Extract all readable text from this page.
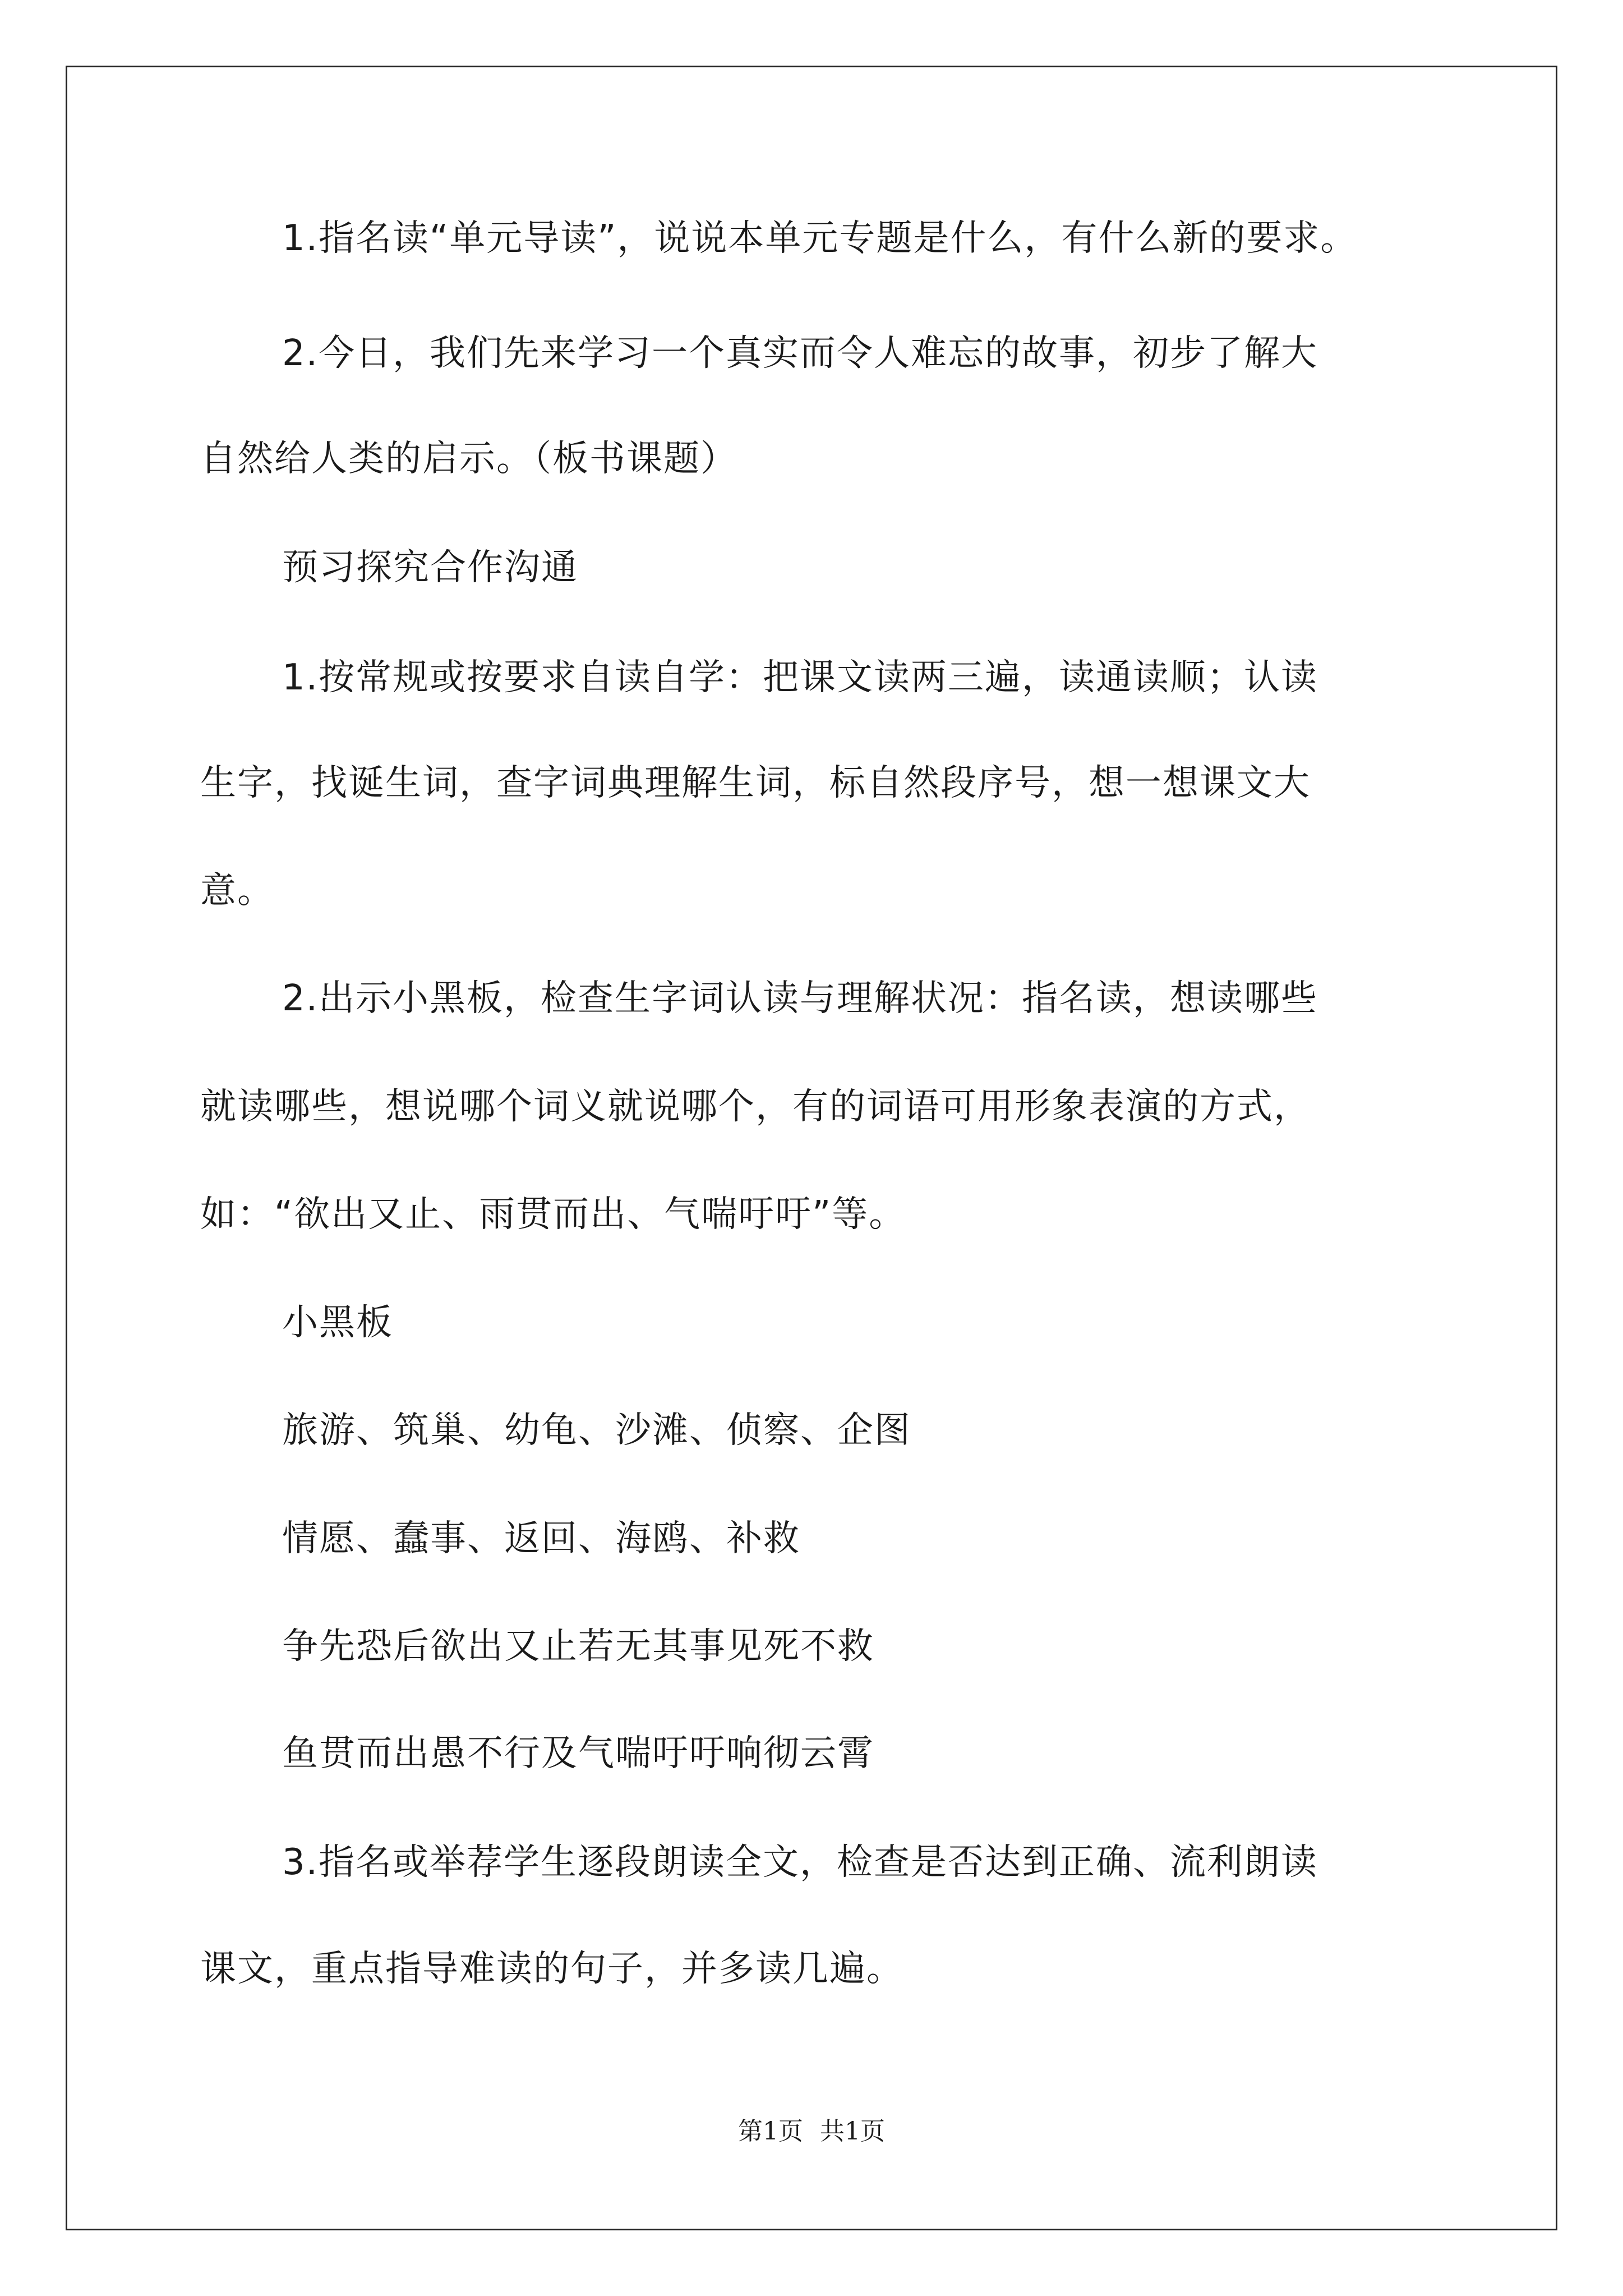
1.指名读“单元导读”，说说本单元专题是什么，有什么新的要求。
2.今日，我们先来学习一个真实而令人难忘的故事，初步了解大
自然给人类的启示。（板书课题）
预习探究合作沟通
1.按常规或按要求自读自学：把课文读两三遍，读通读顺；认读
生字，找诞生词，查字词典理解生词，标自然段序号，想一想课文大
意。
2.出示小黑板，检查生字词认读与理解状况：指名读，想读哪些
就读哪些，想说哪个词义就说哪个，有的词语可用形象表演的方式，
如：“欲出又止、雨贯而出、气喘吁吁”等。
小黑板
旅游、筑巢、幼龟、沙滩、侦察、企图
情愿、蠢事、返回、海鸥、补救
争先恐后欲出又止若无其事见死不救
鱼贯而出愚不行及气喘吁吁响彻云霄
3.指名或举荐学生逐段朗读全文，检查是否达到正确、流利朗读
课文，重点指导难读的句子，并多读几遍。
第1页 共1页
